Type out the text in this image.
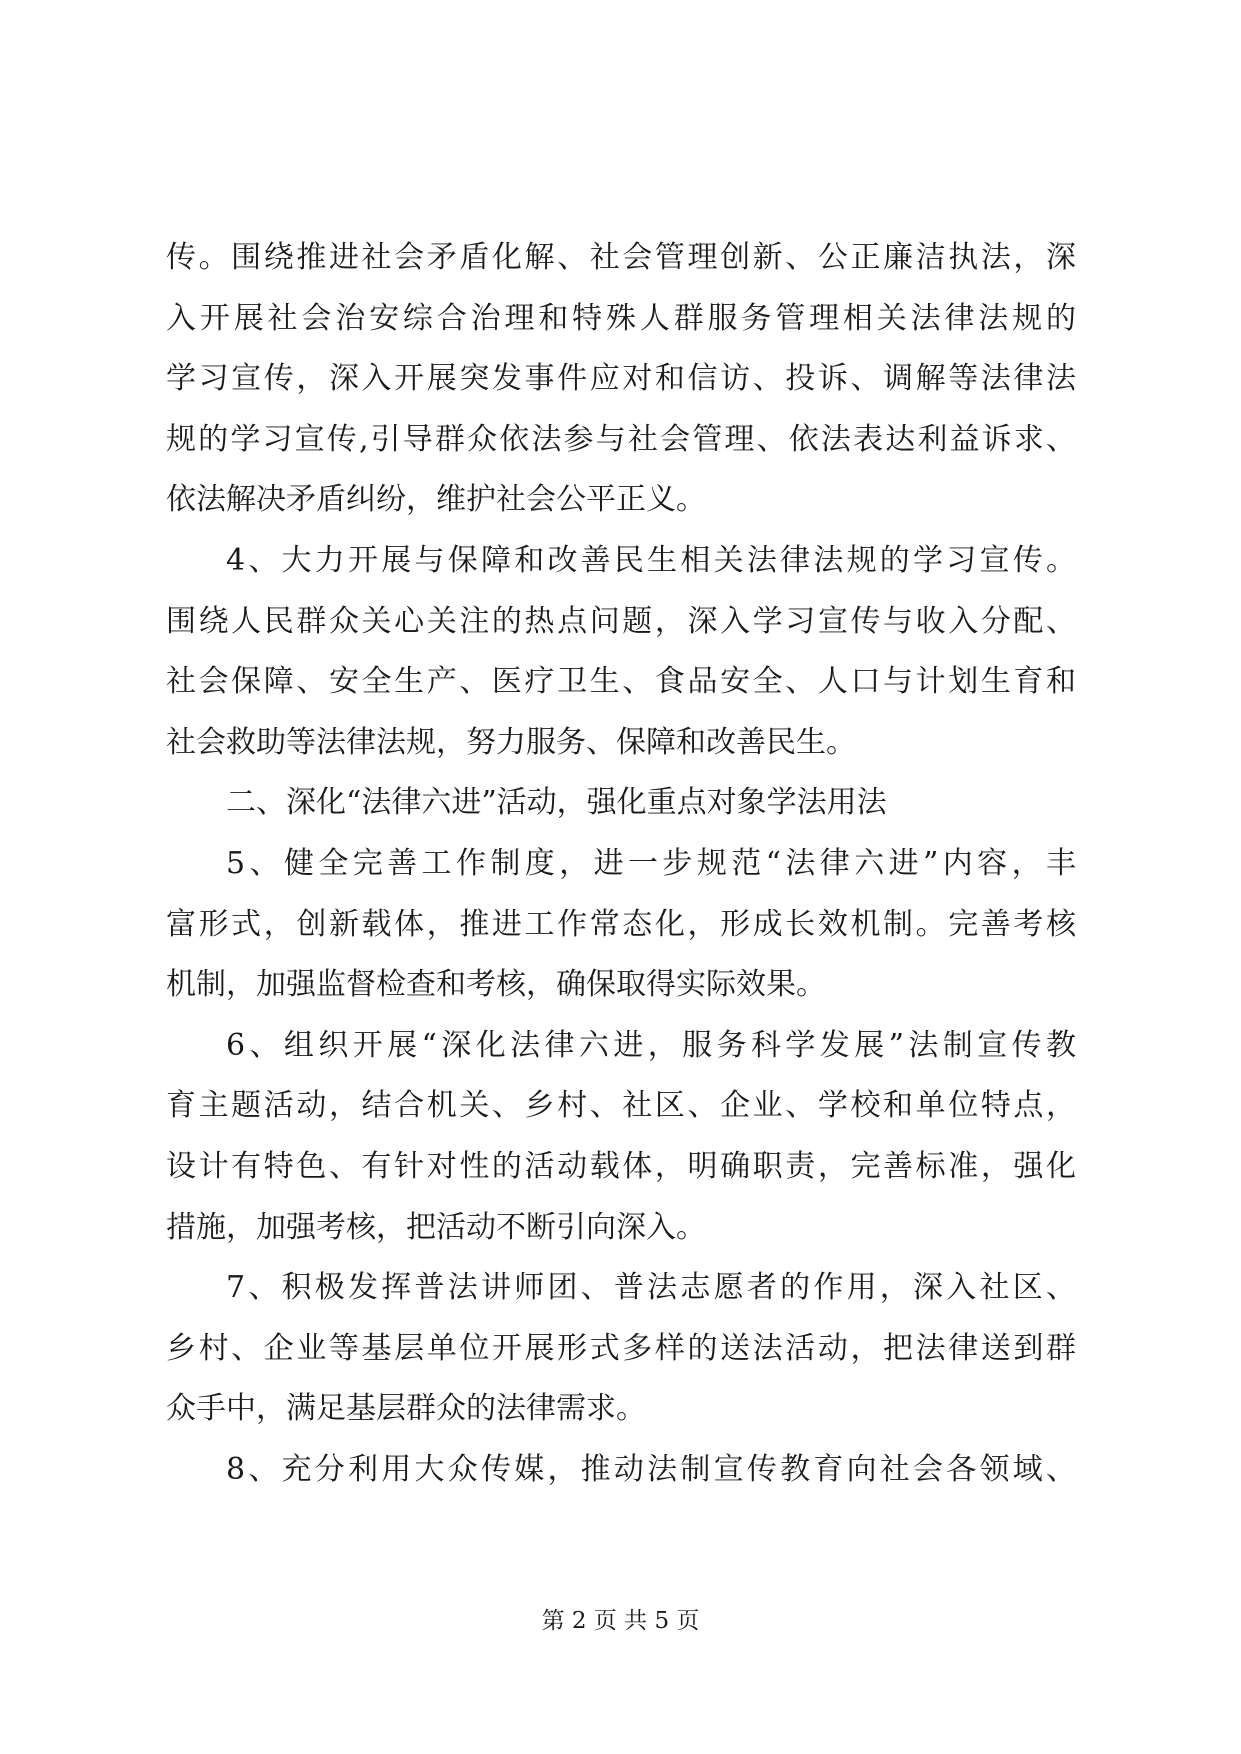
传。围绕推进社会矛盾化解、社会管理创新、公正廉洁执法，深
入开展社会治安综合治理和特殊人群服务管理相关法律法规的
学习宣传，深入开展突发事件应对和信访、投诉、调解等法律法
规的学习宣传,引导群众依法参与社会管理、依法表达利益诉求、
依法解决矛盾纠纷，维护社会公平正义。
4、大力开展与保障和改善民生相关法律法规的学习宣传。
围绕人民群众关心关注的热点问题，深入学习宣传与收入分配、
社会保障、安全生产、医疗卫生、食品安全、人口与计划生育和
社会救助等法律法规，努力服务、保障和改善民生。
二、深化“法律六进”活动，强化重点对象学法用法
5、健全完善工作制度，进一步规范“法律六进”内容，丰
富形式，创新载体，推进工作常态化，形成长效机制。完善考核
机制，加强监督检查和考核，确保取得实际效果。
6、组织开展“深化法律六进，服务科学发展”法制宣传教
育主题活动，结合机关、乡村、社区、企业、学校和单位特点，
设计有特色、有针对性的活动载体，明确职责，完善标准，强化
措施，加强考核，把活动不断引向深入。
7、积极发挥普法讲师团、普法志愿者的作用，深入社区、
乡村、企业等基层单位开展形式多样的送法活动，把法律送到群
众手中，满足基层群众的法律需求。
8、充分利用大众传媒，推动法制宣传教育向社会各领域、
第 2 页 共 5 页
